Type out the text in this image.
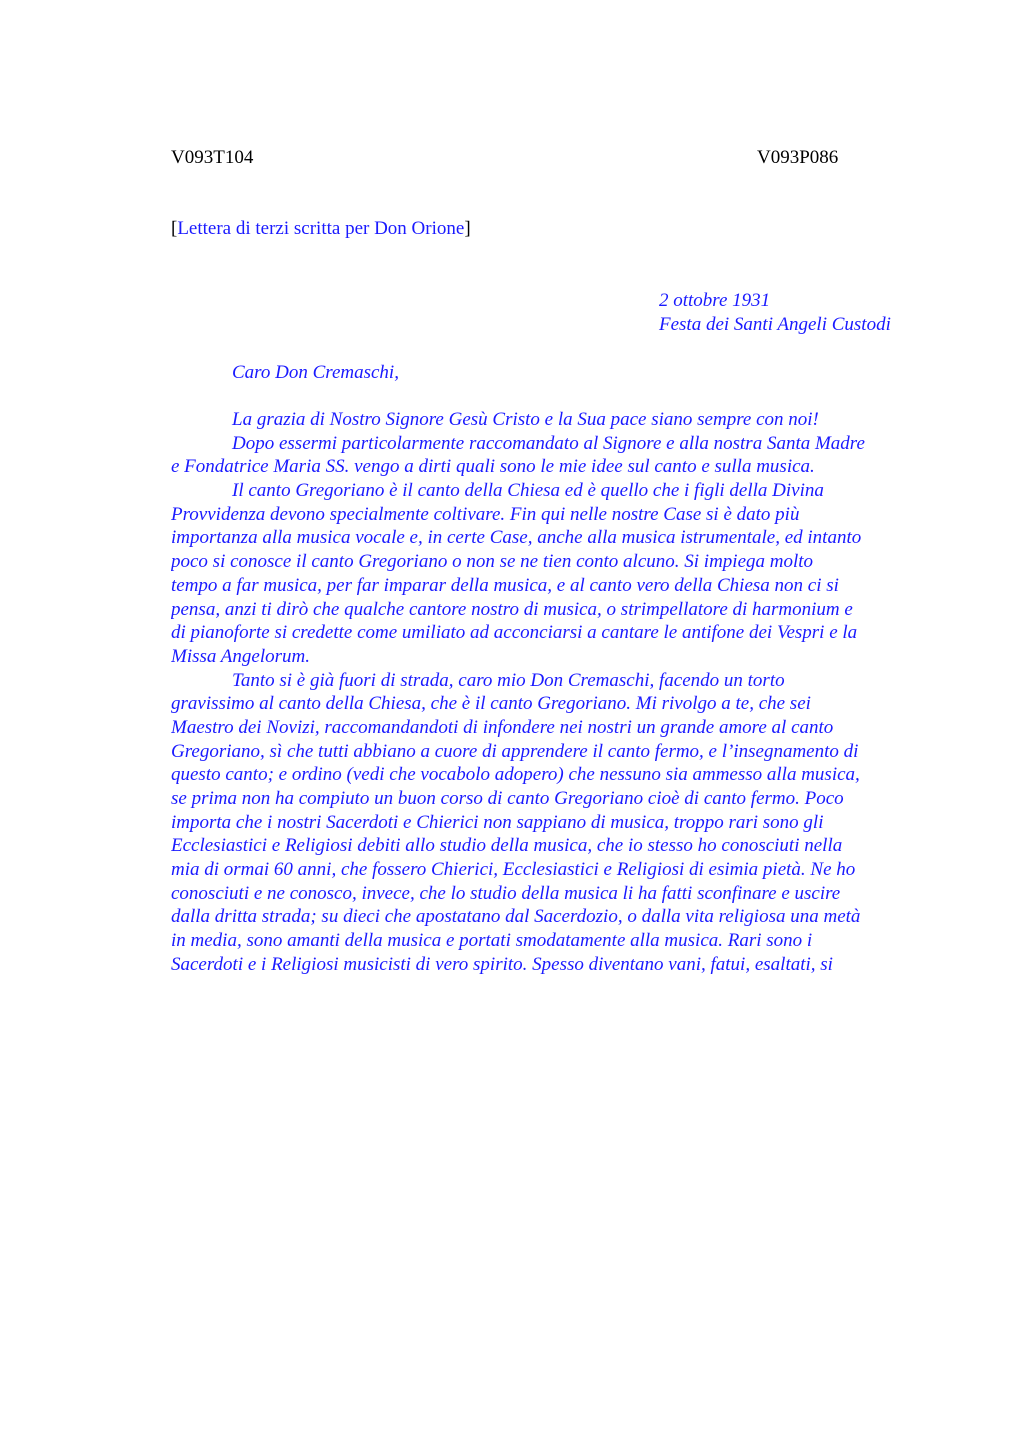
V093T104	V093P086
[Lettera di terzi scritta per Don Orione]
2 ottobre 1931
Festa dei Santi Angeli Custodi
Caro Don Cremaschi,
La grazia di Nostro Signore Gesù Cristo e la Sua pace siano sempre con noi!
Dopo essermi particolarmente raccomandato al Signore e alla nostra Santa Madre
e Fondatrice Maria SS. vengo a dirti quali sono le mie idee sul canto e sulla musica.
Il canto Gregoriano è il canto della Chiesa ed è quello che i figli della Divina
Provvidenza devono specialmente coltivare. Fin qui nelle nostre Case si è dato più
importanza alla musica vocale e, in certe Case, anche alla musica istrumentale, ed intanto
poco si conosce il canto Gregoriano o non se ne tien conto alcuno. Si impiega molto
tempo a far musica, per far imparar della musica, e al canto vero della Chiesa non ci si
pensa, anzi ti dirò che qualche cantore nostro di musica, o strimpellatore di harmonium e
di pianoforte si credette come umiliato ad acconciarsi a cantare le antifone dei Vespri e la
Missa Angelorum.
Tanto si è già fuori di strada, caro mio Don Cremaschi, facendo un torto
gravissimo al canto della Chiesa, che è il canto Gregoriano. Mi rivolgo a te, che sei
Maestro dei Novizi, raccomandandoti di infondere nei nostri un grande amore al canto
Gregoriano, sì che tutti abbiano a cuore di apprendere il canto fermo, e l’insegnamento di
questo canto; e ordino (vedi che vocabolo adopero) che nessuno sia ammesso alla musica,
se prima non ha compiuto un buon corso di canto Gregoriano cioè di canto fermo. Poco
importa che i nostri Sacerdoti e Chierici non sappiano di musica, troppo rari sono gli
Ecclesiastici e Religiosi debiti allo studio della musica, che io stesso ho conosciuti nella
mia di ormai 60 anni, che fossero Chierici, Ecclesiastici e Religiosi di esimia pietà. Ne ho
conosciuti e ne conosco, invece, che lo studio della musica li ha fatti sconfinare e uscire
dalla dritta strada; su dieci che apostatano dal Sacerdozio, o dalla vita religiosa una metà
in media, sono amanti della musica e portati smodatamente alla musica. Rari sono i
Sacerdoti e i Religiosi musicisti di vero spirito. Spesso diventano vani, fatui, esaltati, si
